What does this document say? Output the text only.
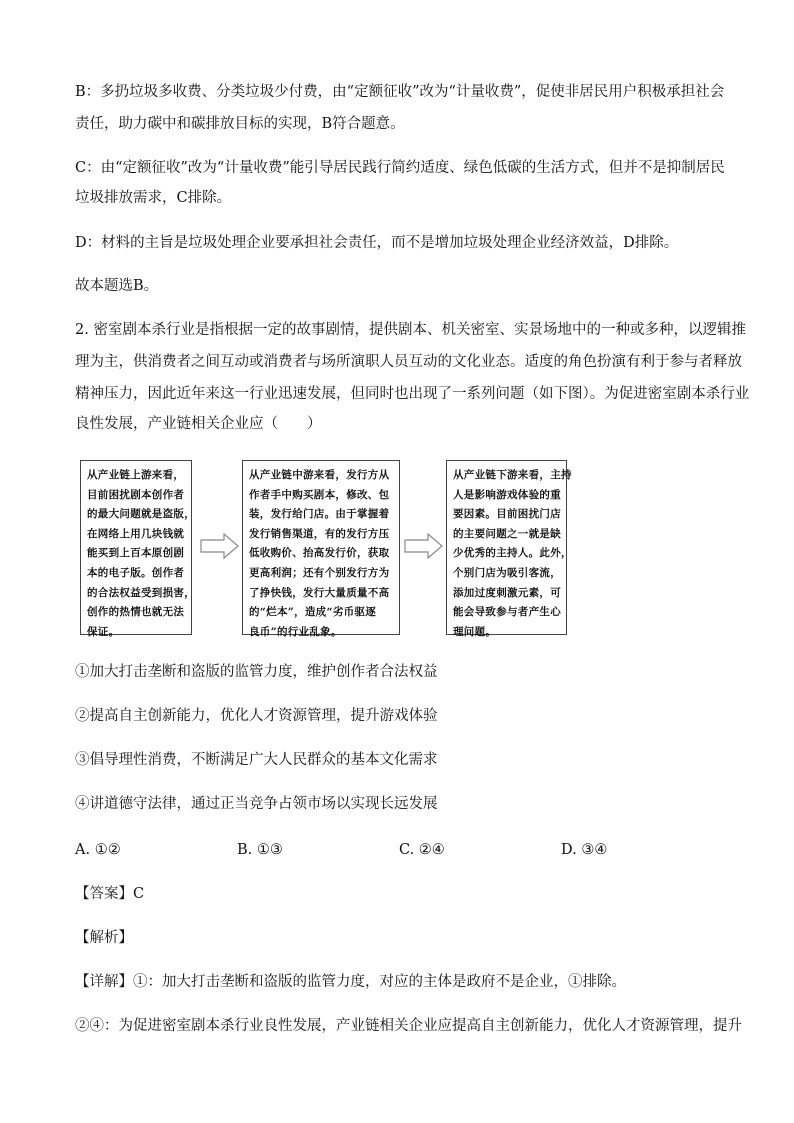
B：多扔垃圾多收费、分类垃圾少付费，由“定额征收”改为“计量收费”，促使非居民用户积极承担社会
责任，助力碳中和碳排放目标的实现，B符合题意。
C：由“定额征收”改为“计量收费”能引导居民践行简约适度、绿色低碳的生活方式，但并不是抑制居民
垃圾排放需求，C排除。
D：材料的主旨是垃圾处理企业要承担社会责任，而不是增加垃圾处理企业经济效益，D排除。
故本题选B。
2. 密室剧本杀行业是指根据一定的故事剧情，提供剧本、机关密室、实景场地中的一种或多种，以逻辑推
理为主，供消费者之间互动或消费者与场所演职人员互动的文化业态。适度的角色扮演有利于参与者释放
精神压力，因此近年来这一行业迅速发展，但同时也出现了一系列问题（如下图）。为促进密室剧本杀行业
良性发展，产业链相关企业应（　　）
从产业链上游来看，
目前困扰剧本创作者
的最大问题就是盗版，
在网络上用几块钱就
能买到上百本原创剧
本的电子版。创作者
的合法权益受到损害，
创作的热情也就无法
保证。
从产业链中游来看，发行方从
作者手中购买剧本，修改、包
装，发行给门店。由于掌握着
发行销售渠道，有的发行方压
低收购价、抬高发行价，获取
更高利润；还有个别发行方为
了挣快钱，发行大量质量不高
的“烂本”，造成“劣币驱逐
良币”的行业乱象。
从产业链下游来看，主持
人是影响游戏体验的重
要因素。目前困扰门店
的主要问题之一就是缺
少优秀的主持人。此外，
个别门店为吸引客流，
添加过度刺激元素，可
能会导致参与者产生心
理问题。
①加大打击垄断和盗版的监管力度，维护创作者合法权益
②提高自主创新能力，优化人才资源管理，提升游戏体验
③倡导理性消费，不断满足广大人民群众的基本文化需求
④讲道德守法律，通过正当竞争占领市场以实现长远发展
A. ①②	B. ①③	C. ②④	D. ③④
【答案】C
【解析】
【详解】①：加大打击垄断和盗版的监管力度，对应的主体是政府不是企业，①排除。
②④：为促进密室剧本杀行业良性发展，产业链相关企业应提高自主创新能力，优化人才资源管理，提升
